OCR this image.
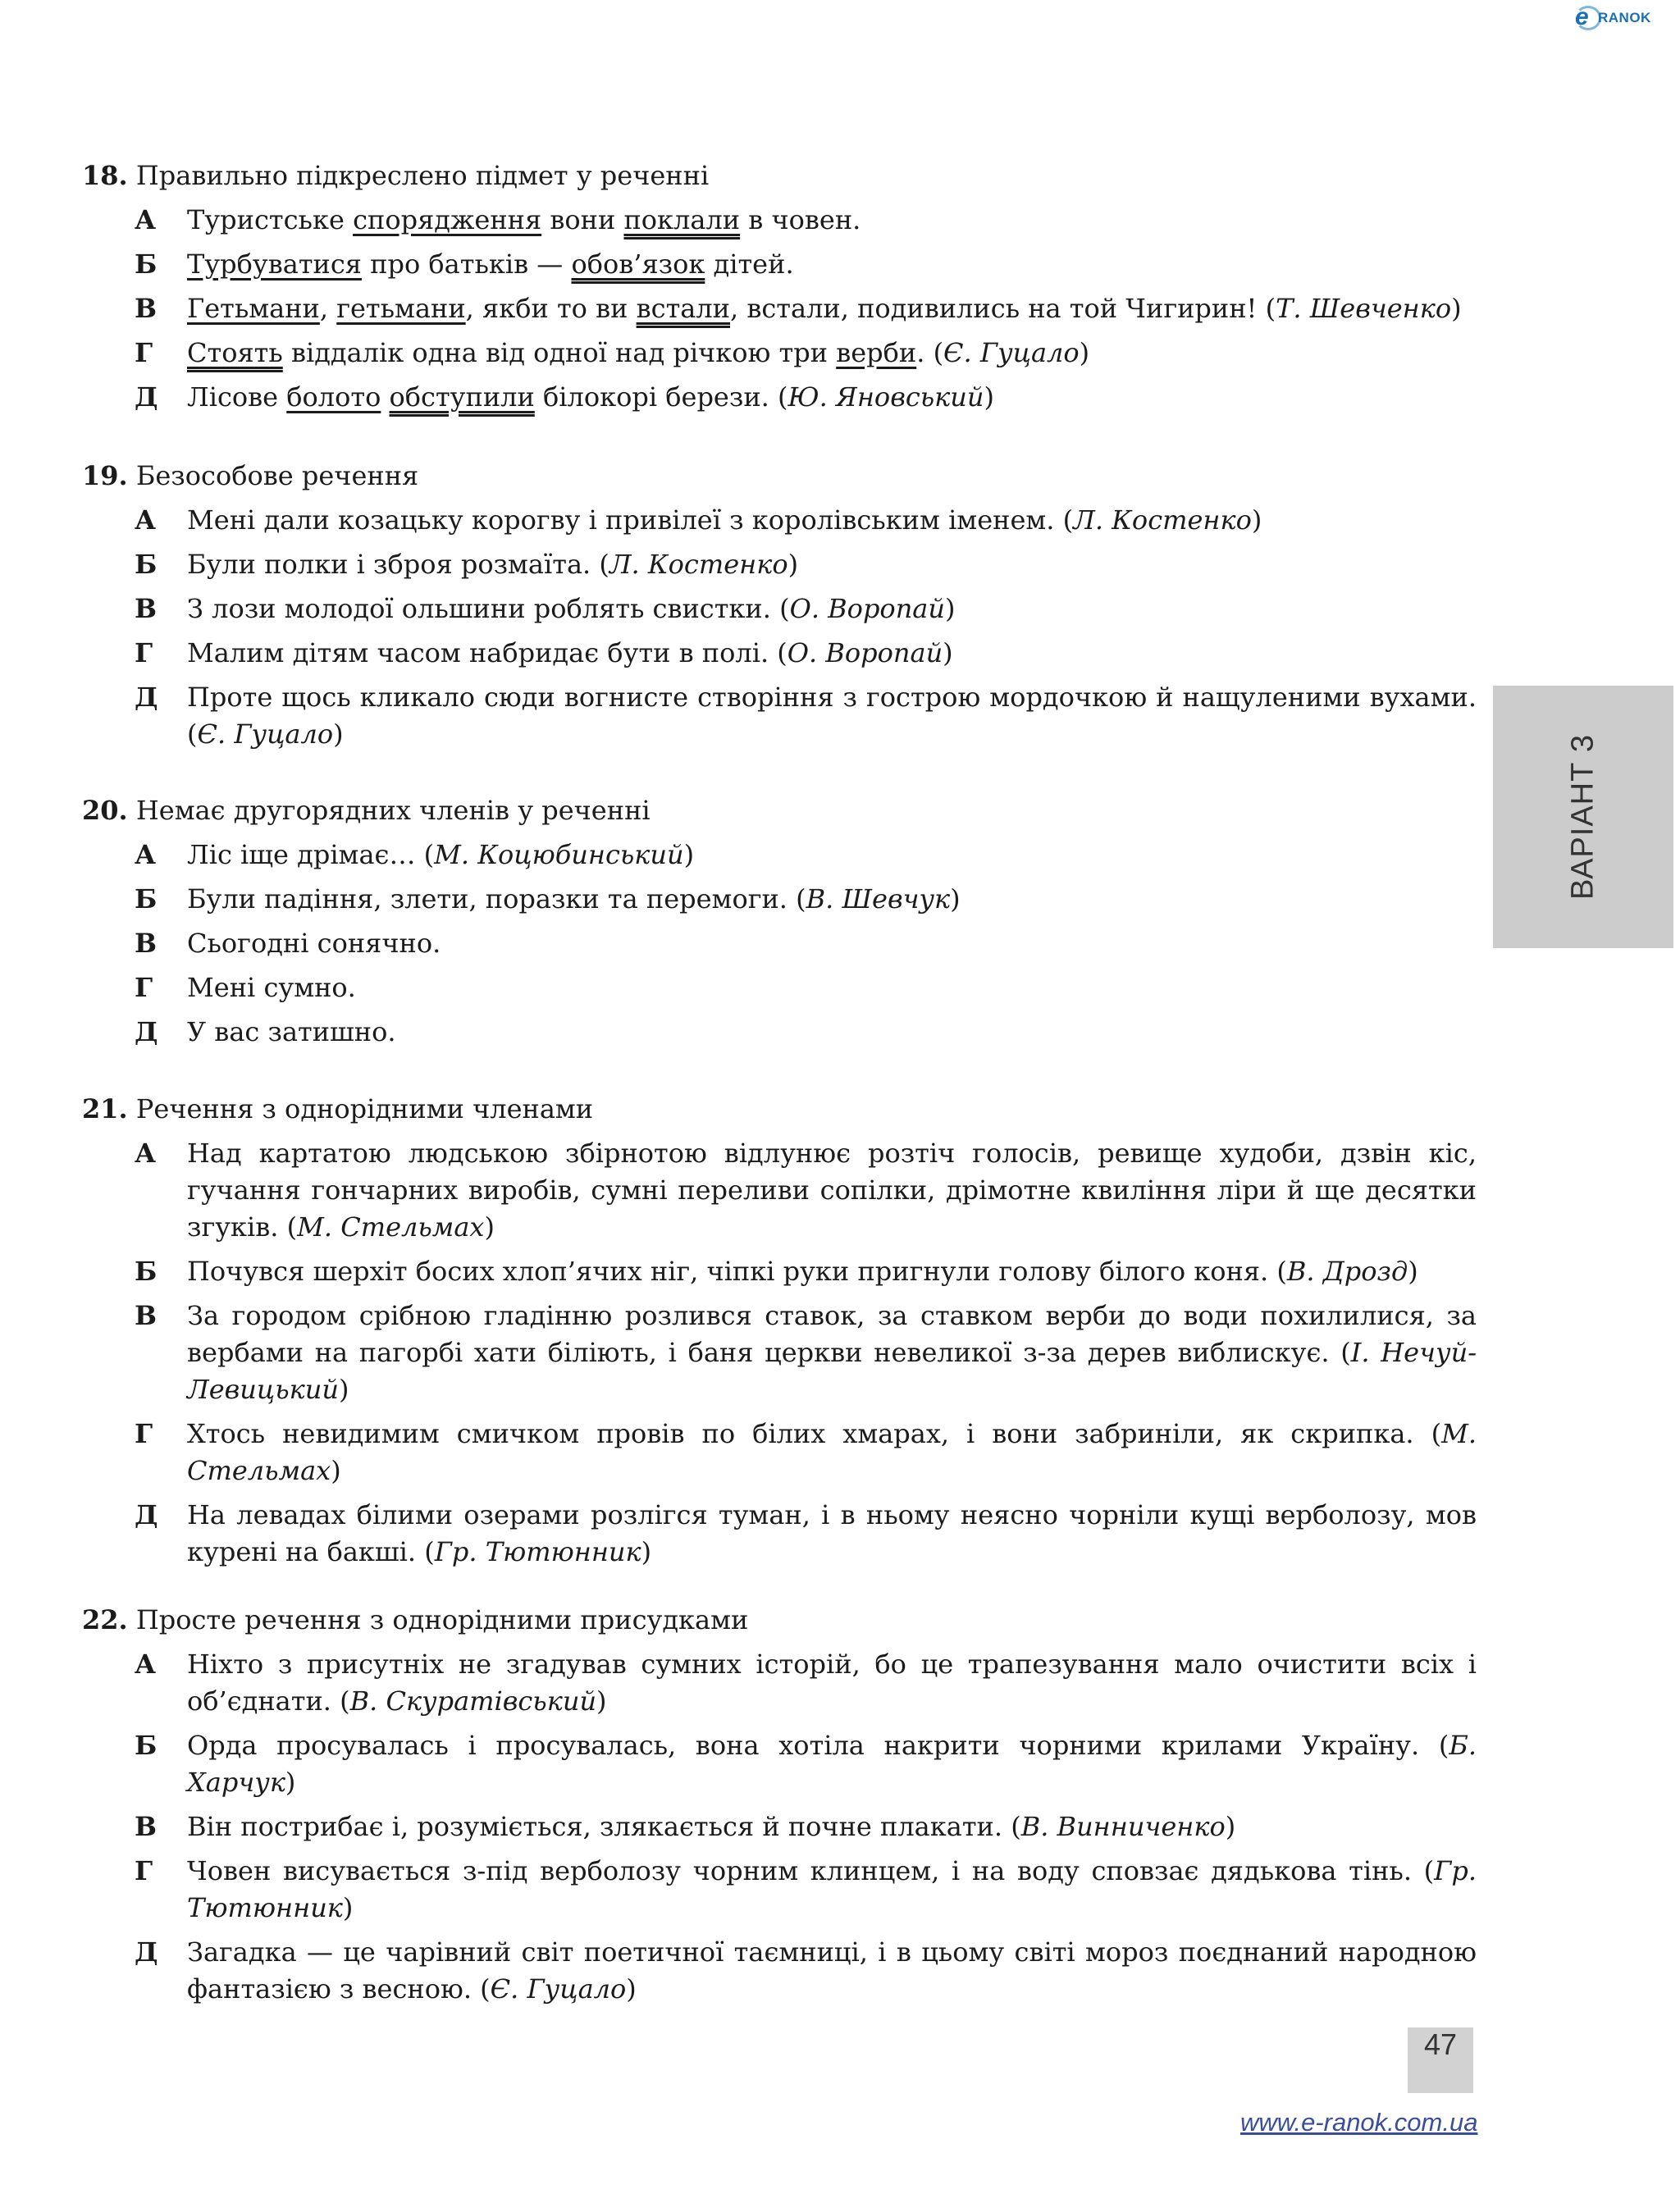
e RANOK
ВАРІАНТ 3
18. Правильно підкреслено підмет у реченні
А Туристське спорядження вони поклали в човен.
Б Турбуватися про батьків — обов’язок дітей.
В Гетьмани, гетьмани, якби то ви встали, встали, подивились на той Чигирин! (Т. Шевченко)
Г Стоять віддалік одна від одної над річкою три верби. (Є. Гуцало)
Д Лісове болото обступили білокорі берези. (Ю. Яновський)
19. Безособове речення
А Мені дали козацьку корогву і привілеї з королівським іменем. (Л. Костенко)
Б Були полки і зброя розмаїта. (Л. Костенко)
В З лози молодої ольшини роблять свистки. (О. Воропай)
Г Малим дітям часом набридає бути в полі. (О. Воропай)
Д Проте щось кликало сюди вогнисте створіння з гострою мордочкою й нащуленими вухами. (Є. Гуцало)
20. Немає другорядних членів у реченні
А Ліс іще дрімає… (М. Коцюбинський)
Б Були падіння, злети, поразки та перемоги. (В. Шевчук)
В Сьогодні сонячно.
Г Мені сумно.
Д У вас затишно.
21. Речення з однорідними членами
А Над картатою людською збірнотою відлунює розтіч голосів, ревище худоби, дзвін кіс, гучання гончарних виробів, сумні переливи сопілки, дрімотне квиління ліри й ще десятки згуків. (М. Стельмах)
Б Почувся шерхіт босих хлоп’ячих ніг, чіпкі руки пригнули голову білого коня. (В. Дрозд)
В За городом срібною гладінню розлився ставок, за ставком верби до води похилилися, за вербами на пагорбі хати біліють, і баня церкви невеликої з-за дерев виблискує. (І. Нечуй-Левицький)
Г Хтось невидимим смичком провів по білих хмарах, і вони забриніли, як скрипка. (М. Стельмах)
Д На левадах білими озерами розлігся туман, і в ньому неясно чорніли кущі верболозу, мов курені на бакші. (Гр. Тютюнник)
22. Просте речення з однорідними присудками
А Ніхто з присутніх не згадував сумних історій, бо це трапезування мало очистити всіх і об’єднати. (В. Скуратівський)
Б Орда просувалась і просувалась, вона хотіла накрити чорними крилами Україну. (Б. Харчук)
В Він пострибає і, розуміється, злякається й почне плакати. (В. Винниченко)
Г Човен висувається з-під верболозу чорним клинцем, і на воду сповзає дядькова тінь. (Гр. Тютюнник)
Д Загадка — це чарівний світ поетичної таємниці, і в цьому світі мороз поєднаний народною фантазією з весною. (Є. Гуцало)
47
www.e-ranok.com.ua
